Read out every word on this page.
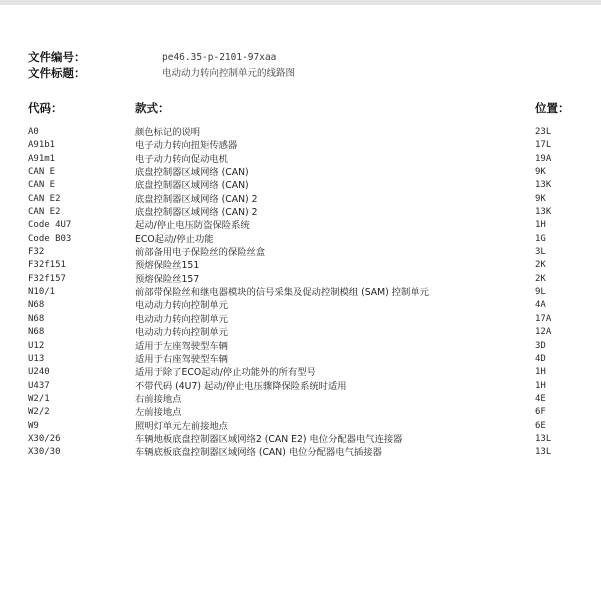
文件编号：	pe46.35-p-2101-97xaa
文件标题：	电动动力转向控制单元的线路图
代码：	款式：	位置：
A0	颜色标记的说明	23L
A91b1	电子动力转向扭矩传感器	17L
A91m1	电子动力转向促动电机	19A
CAN E	底盘控制器区域网络 (CAN)	9K
CAN E	底盘控制器区域网络 (CAN)	13K
CAN E2	底盘控制器区域网络 (CAN) 2	9K
CAN E2	底盘控制器区域网络 (CAN) 2	13K
Code 4U7	起动/停止电压防盗保险系统	1H
Code B03	ECO起动/停止功能	1G
F32	前部备用电子保险丝的保险丝盒	3L
F32f151	预熔保险丝151	2K
F32f157	预熔保险丝157	2K
N10/1	前部带保险丝和继电器模块的信号采集及促动控制模组 (SAM) 控制单元	9L
N68	电动动力转向控制单元	4A
N68	电动动力转向控制单元	17A
N68	电动动力转向控制单元	12A
U12	适用于左座驾驶型车辆	3D
U13	适用于右座驾驶型车辆	4D
U240	适用于除了ECO起动/停止功能外的所有型号	1H
U437	不带代码 (4U7) 起动/停止电压骤降保险系统时适用	1H
W2/1	右前接地点	4E
W2/2	左前接地点	6F
W9	照明灯单元左前接地点	6E
X30/26	车辆地板底盘控制器区域网络2 (CAN E2) 电位分配器电气连接器	13L
X30/30	车辆底板底盘控制器区域网络 (CAN) 电位分配器电气插接器	13L
